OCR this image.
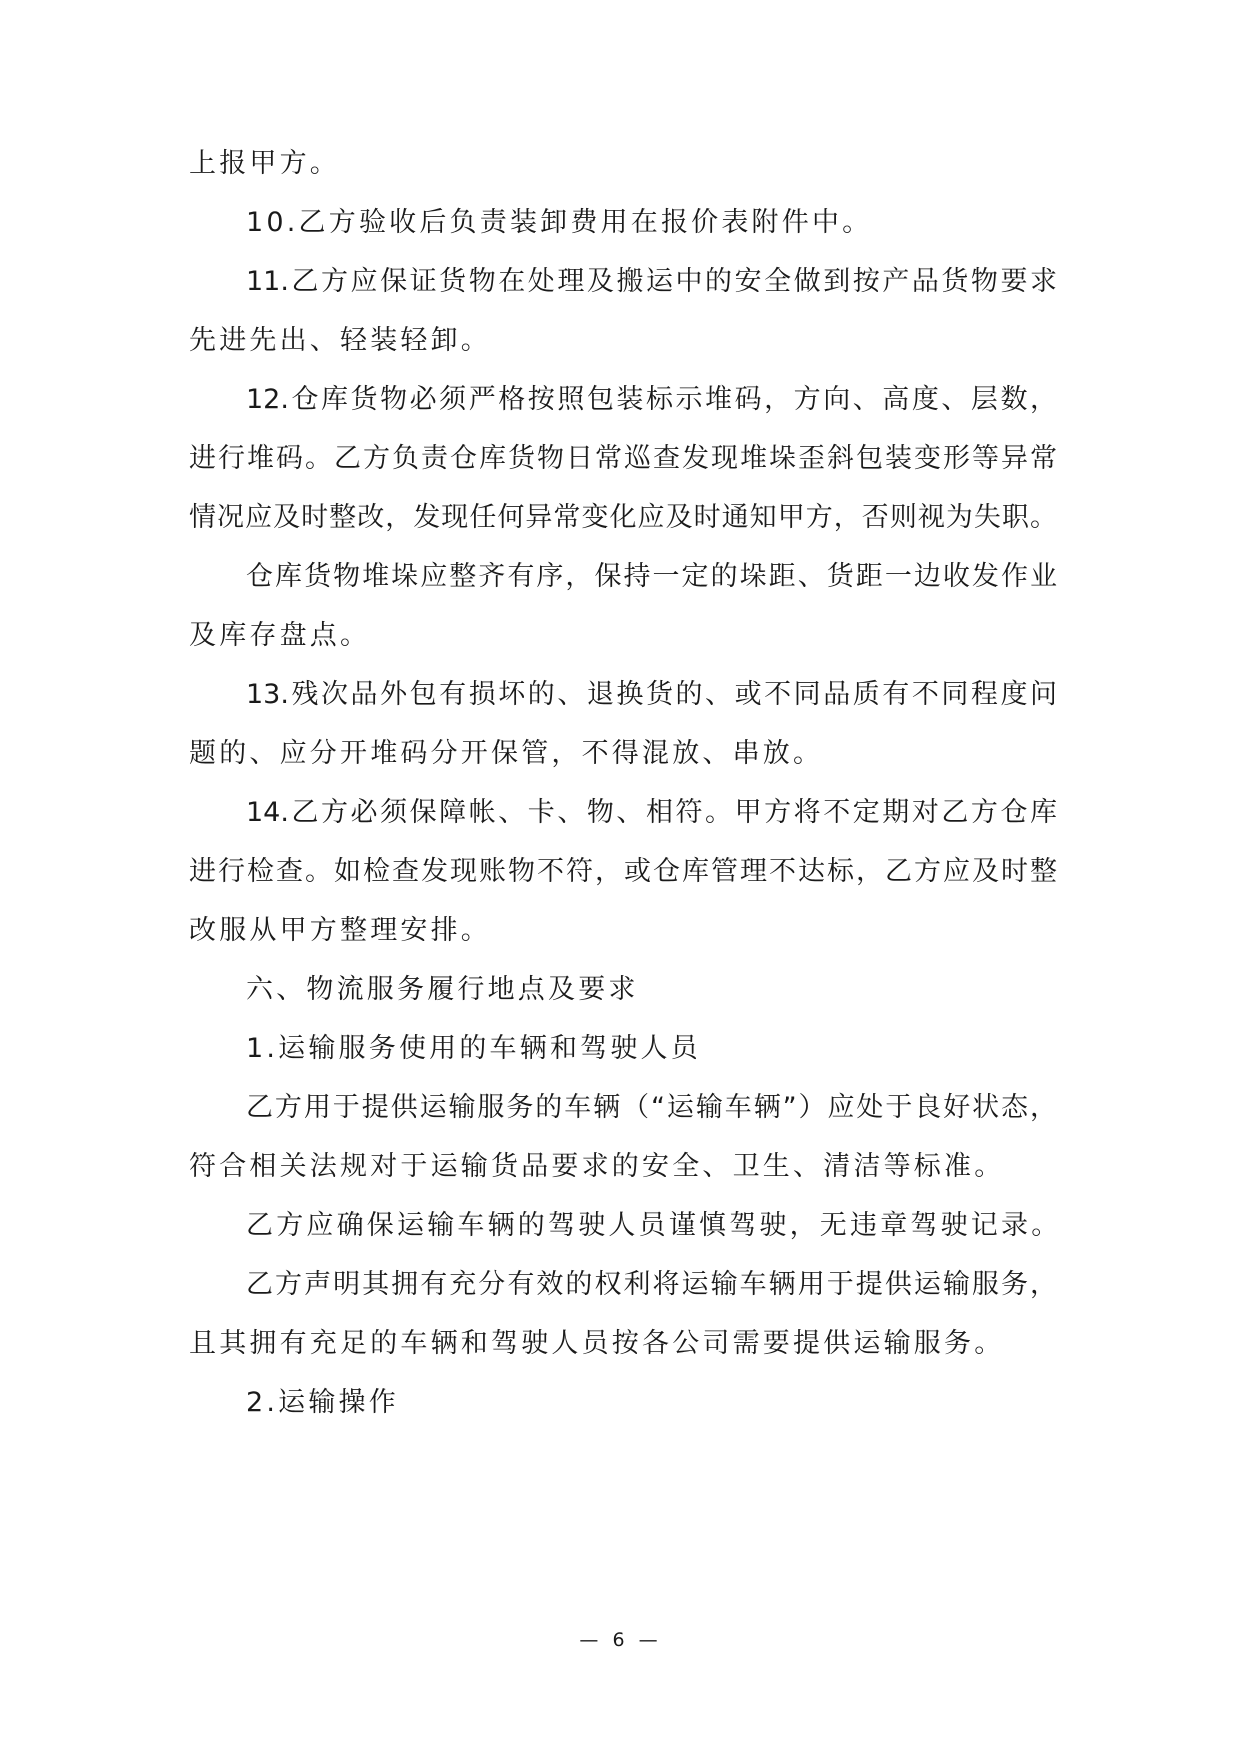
上报甲方。
10.乙方验收后负责装卸费用在报价表附件中。
11.乙方应保证货物在处理及搬运中的安全做到按产品货物要求
先进先出、轻装轻卸。
12.仓库货物必须严格按照包装标示堆码，方向、高度、层数，
进行堆码。乙方负责仓库货物日常巡查发现堆垛歪斜包装变形等异常
情况应及时整改，发现任何异常变化应及时通知甲方，否则视为失职。
仓库货物堆垛应整齐有序，保持一定的垛距、货距一边收发作业
及库存盘点。
13.残次品外包有损坏的、退换货的、或不同品质有不同程度问
题的、应分开堆码分开保管，不得混放、串放。
14.乙方必须保障帐、卡、物、相符。甲方将不定期对乙方仓库
进行检查。如检查发现账物不符，或仓库管理不达标，乙方应及时整
改服从甲方整理安排。
六、物流服务履行地点及要求
1.运输服务使用的车辆和驾驶人员
乙方用于提供运输服务的车辆（“运输车辆”）应处于良好状态，
符合相关法规对于运输货品要求的安全、卫生、清洁等标准。
乙方应确保运输车辆的驾驶人员谨慎驾驶，无违章驾驶记录。
乙方声明其拥有充分有效的权利将运输车辆用于提供运输服务，
且其拥有充足的车辆和驾驶人员按各公司需要提供运输服务。
2.运输操作
— 6 —
